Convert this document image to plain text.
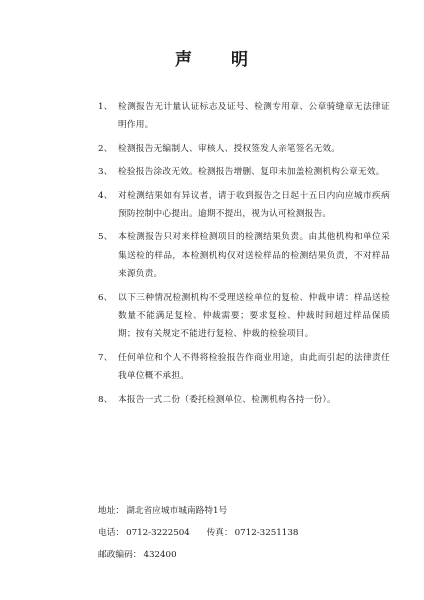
声 明
1、 检测报告无计量认证标志及证号、检测专用章、公章骑缝章无法律证明作用。
2、 检测报告无编制人、审核人、授权签发人亲笔签名无效。
3、 检验报告涂改无效。检测报告增删、复印未加盖检测机构公章无效。
4、 对检测结果如有异议者，请于收到报告之日起十五日内向应城市疾病预防控制中心提出。逾期不提出，视为认可检测报告。
5、 本检测报告只对来样检测项目的检测结果负责。由其他机构和单位采集送检的样品，本检测机构仅对送检样品的检测结果负责，不对样品来源负责。
6、 以下三种情况检测机构不受理送检单位的复检、仲裁申请：样品送检数量不能满足复检、仲裁需要；要求复检、仲裁时间超过样品保质期；按有关规定不能进行复检、仲裁的检验项目。
7、 任何单位和个人不得将检验报告作商业用途，由此而引起的法律责任我单位概不承担。
8、 本报告一式二份（委托检测单位、检测机构各持一份）。
地址： 湖北省应城市城南路特1号
电话： 0712-3222504 传真： 0712-3251138
邮政编码： 432400
